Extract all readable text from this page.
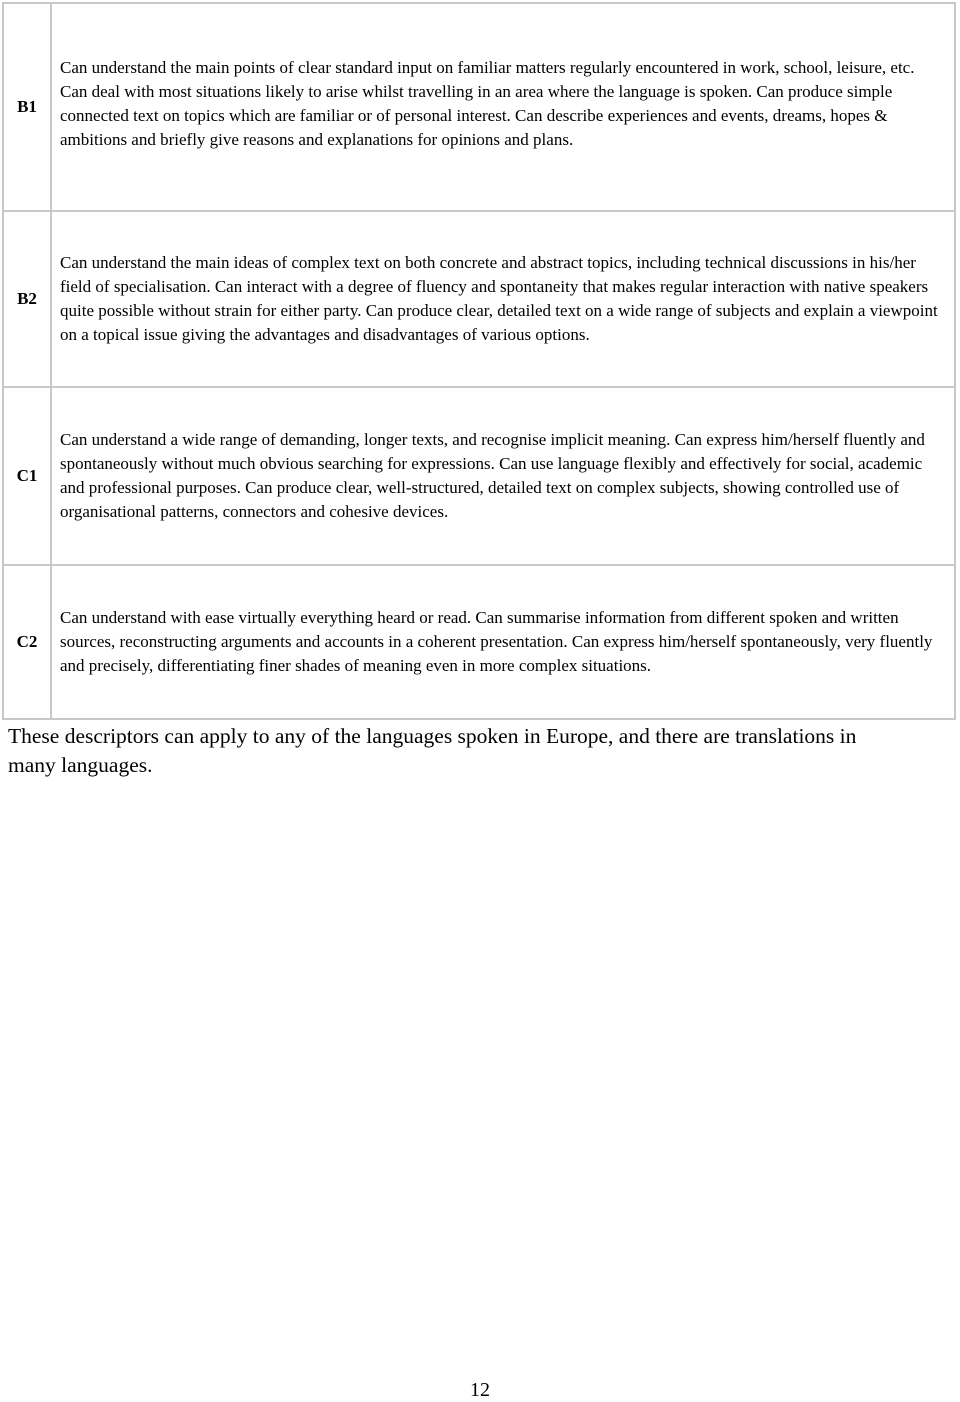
B1	Can understand the main points of clear standard input on familiar matters regularly encountered in work, school, leisure, etc. Can deal with most situations likely to arise whilst travelling in an area where the language is spoken. Can produce simple connected text on topics which are familiar or of personal interest. Can describe experiences and events, dreams, hopes & ambitions and briefly give reasons and explanations for opinions and plans.
B2	Can understand the main ideas of complex text on both concrete and abstract topics, including technical discussions in his/her field of specialisation. Can interact with a degree of fluency and spontaneity that makes regular interaction with native speakers quite possible without strain for either party. Can produce clear, detailed text on a wide range of subjects and explain a viewpoint on a topical issue giving the advantages and disadvantages of various options.
C1	Can understand a wide range of demanding, longer texts, and recognise implicit meaning. Can express him/herself fluently and spontaneously without much obvious searching for expressions. Can use language flexibly and effectively for social, academic and professional purposes. Can produce clear, well-structured, detailed text on complex subjects, showing controlled use of organisational patterns, connectors and cohesive devices.
C2	Can understand with ease virtually everything heard or read. Can summarise information from different spoken and written sources, reconstructing arguments and accounts in a coherent presentation. Can express him/herself spontaneously, very fluently and precisely, differentiating finer shades of meaning even in more complex situations.

These descriptors can apply to any of the languages spoken in Europe, and there are translations in many languages.

12
